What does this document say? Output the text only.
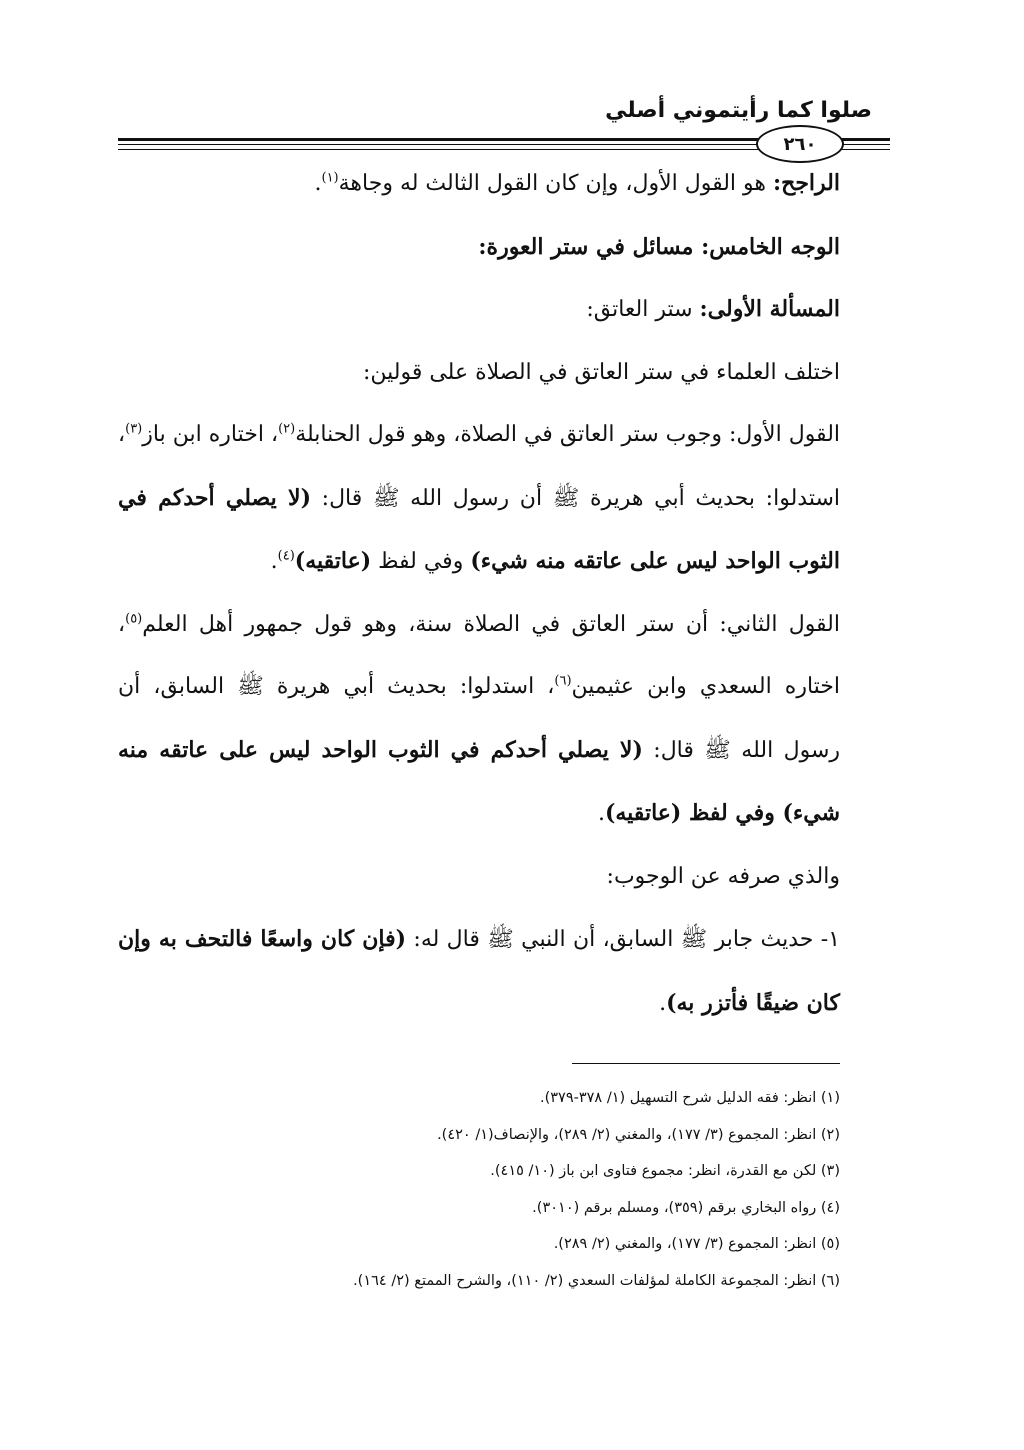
صلوا كما رأيتموني أصلي
٢٦٠

الراجح: هو القول الأول، وإن كان القول الثالث له وجاهة$^{(١)}$.

الوجه الخامس: مسائل في ستر العورة:

المسألة الأولى: ستر العاتق:

اختلف العلماء في ستر العاتق في الصلاة على قولين:

القول الأول: وجوب ستر العاتق في الصلاة، وهو قول الحنابلة$^{(٢)}$، اختاره ابن باز$^{(٣)}$، استدلوا: بحديث أبي هريرة ﷺ أن رسول الله ﷺ قال: (لا يصلي أحدكم في الثوب الواحد ليس على عاتقه منه شيء) وفي لفظ (عاتقيه)$^{(٤)}$.

القول الثاني: أن ستر العاتق في الصلاة سنة، وهو قول جمهور أهل العلم$^{(٥)}$، اختاره السعدي وابن عثيمين$^{(٦)}$، استدلوا: بحديث أبي هريرة ﷺ السابق، أن رسول الله ﷺ قال: (لا يصلي أحدكم في الثوب الواحد ليس على عاتقه منه شيء) وفي لفظ (عاتقيه).

والذي صرفه عن الوجوب:

١- حديث جابر ﷺ السابق، أن النبي ﷺ قال له: (فإن كان واسعًا فالتحف به وإن كان ضيقًا فأتزر به).

(١) انظر: فقه الدليل شرح التسهيل (١/ ٣٧٨-٣٧٩).
(٢) انظر: المجموع (٣/ ١٧٧)، والمغني (٢/ ٢٨٩)، والإنصاف(١/ ٤٢٠).
(٣) لكن مع القدرة، انظر: مجموع فتاوى ابن باز (١٠/ ٤١٥).
(٤) رواه البخاري برقم (٣٥٩)، ومسلم برقم (٣٠١٠).
(٥) انظر: المجموع (٣/ ١٧٧)، والمغني (٢/ ٢٨٩).
(٦) انظر: المجموعة الكاملة لمؤلفات السعدي (٢/ ١١٠)، والشرح الممتع (٢/ ١٦٤).
